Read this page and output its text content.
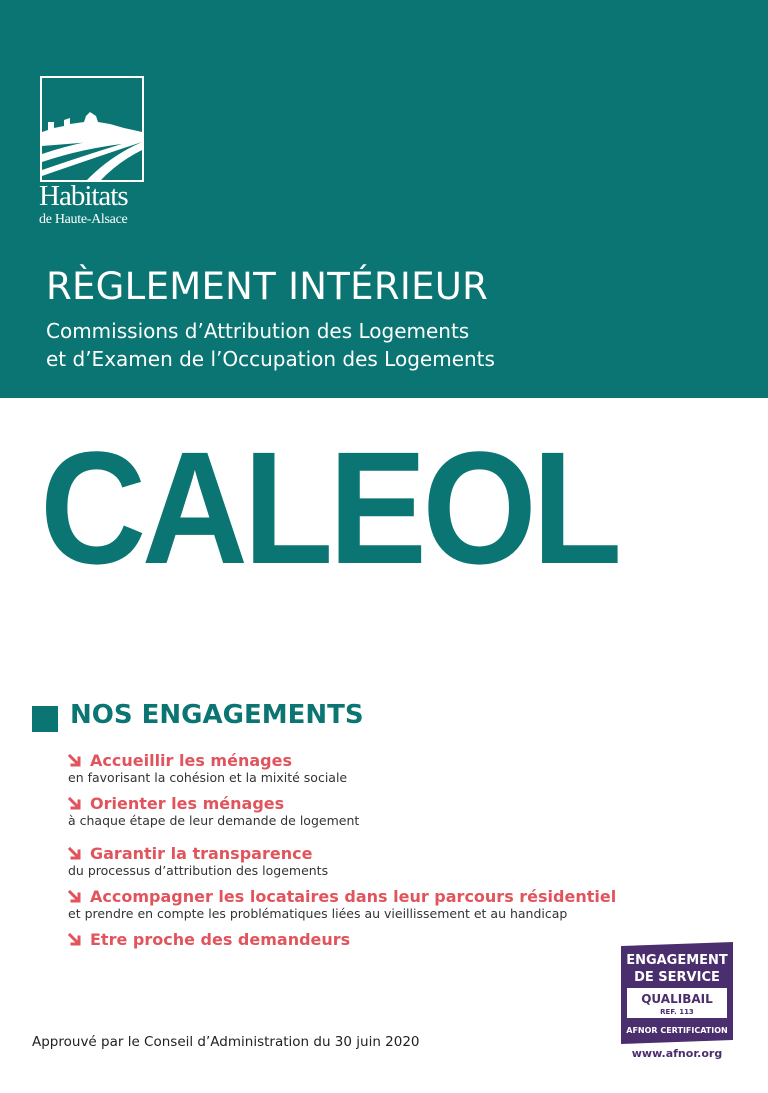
Habitats
de Haute-Alsace
RÈGLEMENT INTÉRIEUR
Commissions d’Attribution des Logements
et d’Examen de l’Occupation des Logements
CALEOL
NOS ENGAGEMENTS
Accueillir les ménages
en favorisant la cohésion et la mixité sociale
Orienter les ménages
à chaque étape de leur demande de logement
Garantir la transparence
du processus d’attribution des logements
Accompagner les locataires dans leur parcours résidentiel
et prendre en compte les problématiques liées au vieillissement et au handicap
Etre proche des demandeurs
Approuvé par le Conseil d’Administration du 30 juin 2020
ENGAGEMENT
DE SERVICE
QUALIBAIL
REF. 113
AFNOR CERTIFICATION
www.afnor.org
